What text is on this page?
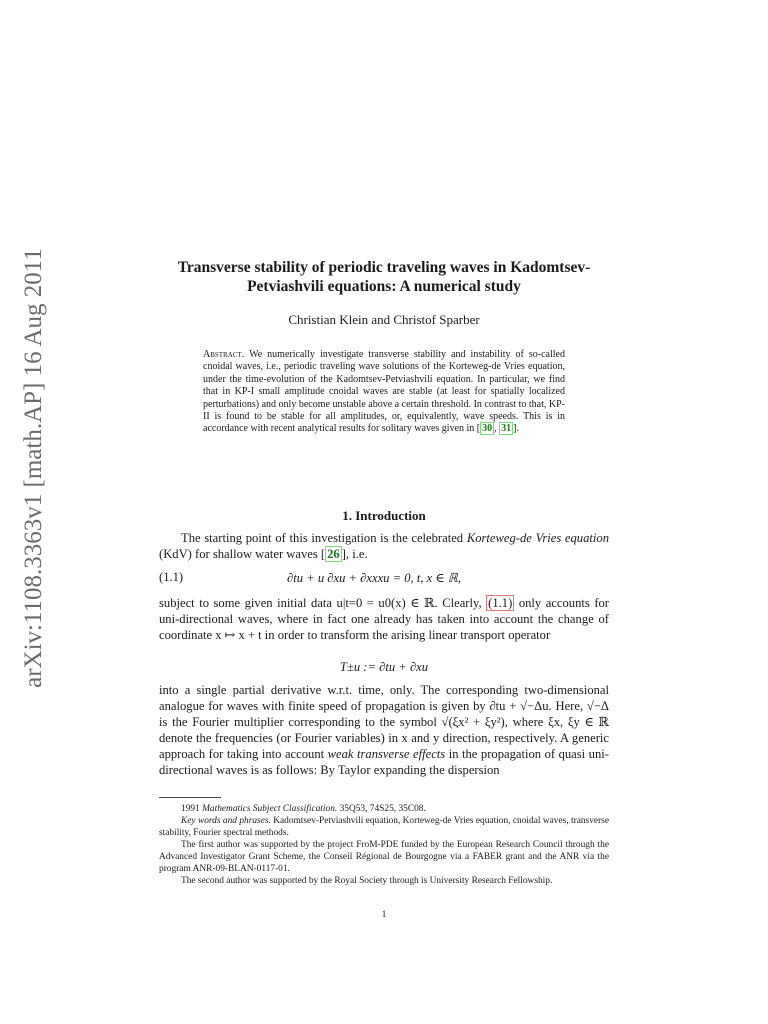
arXiv:1108.3363v1 [math.AP] 16 Aug 2011	Transverse stability of periodic traveling waves in Kadomtsev-Petviashvili equations: A numerical study
Christian Klein and Christof Sparber
Abstract. We numerically investigate transverse stability and instability of so-called cnoidal waves, i.e., periodic traveling wave solutions of the Korteweg-de Vries equation, under the time-evolution of the Kadomtsev-Petviashvili equation. In particular, we find that in KP-I small amplitude cnoidal waves are stable (at least for spatially localized perturbations) and only become unstable above a certain threshold. In contrast to that, KP-II is found to be stable for all amplitudes, or, equivalently, wave speeds. This is in accordance with recent analytical results for solitary waves given in [ 30 , 31 ].
1. Introduction
The starting point of this investigation is the celebrated Korteweg-de Vries equation (KdV) for shallow water waves [ 26 ], i.e.
(1.1)	∂tu + u ∂xu + ∂xxxu = 0, t, x ∈ ℝ,
subject to some given initial data u|t=0 = u0(x) ∈ ℝ. Clearly, (1.1) only accounts for uni-directional waves, where in fact one already has taken into account the change of coordinate x ↦ x + t in order to transform the arising linear transport operator
T±u := ∂tu + ∂xu
into a single partial derivative w.r.t. time, only. The corresponding two-dimensional analogue for waves with finite speed of propagation is given by ∂tu + √−Δu. Here, √−Δ is the Fourier multiplier corresponding to the symbol √(ξx² + ξy²), where ξx, ξy ∈ ℝ denote the frequencies (or Fourier variables) in x and y direction, respectively. A generic approach for taking into account weak transverse effects in the propagation of quasi uni-directional waves is as follows: By Taylor expanding the dispersion

1991 Mathematics Subject Classification. 35Q53, 74S25, 35C08.

Key words and phrases. Kadomtsev-Petviashvili equation, Korteweg-de Vries equation, cnoidal waves, transverse stability, Fourier spectral methods.

The first author was supported by the project FroM-PDE funded by the European Research Council through the Advanced Investigator Grant Scheme, the Conseil Régional de Bourgogne via a FABER grant and the ANR via the program ANR-09-BLAN-0117-01.

The second author was supported by the Royal Society through is University Research Fellowship.

1
